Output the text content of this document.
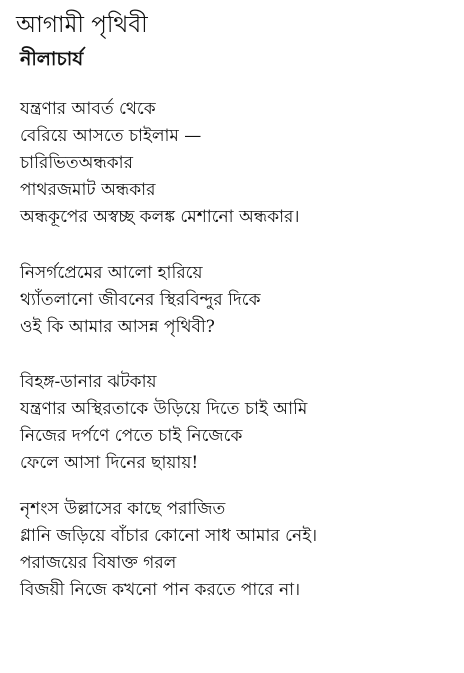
আগামী পৃথিবী
নীলাচার্য
যন্ত্রণার আবর্ত থেকে
বেরিয়ে আসতে চাইলাম —
চারিভিতঅন্ধকার
পাথরজমাট অন্ধকার
অন্ধকূপের অস্বচ্ছ কলঙ্ক মেশানো অন্ধকার।
নিসর্গপ্রেমের আলো হারিয়ে
থ্যাঁতলানো জীবনের স্থিরবিন্দুর দিকে
ওই কি আমার আসন্ন পৃথিবী?
বিহঙ্গ-ডানার ঝটকায়
যন্ত্রণার অস্থিরতাকে উড়িয়ে দিতে চাই আমি
নিজের দর্পণে পেতে চাই নিজেকে
ফেলে আসা দিনের ছায়ায়!
নৃশংস উল্লাসের কাছে পরাজিত
গ্লানি জড়িয়ে বাঁচার কোনো সাধ আমার নেই।
পরাজয়ের বিষাক্ত গরল
বিজয়ী নিজে কখনো পান করতে পারে না।
